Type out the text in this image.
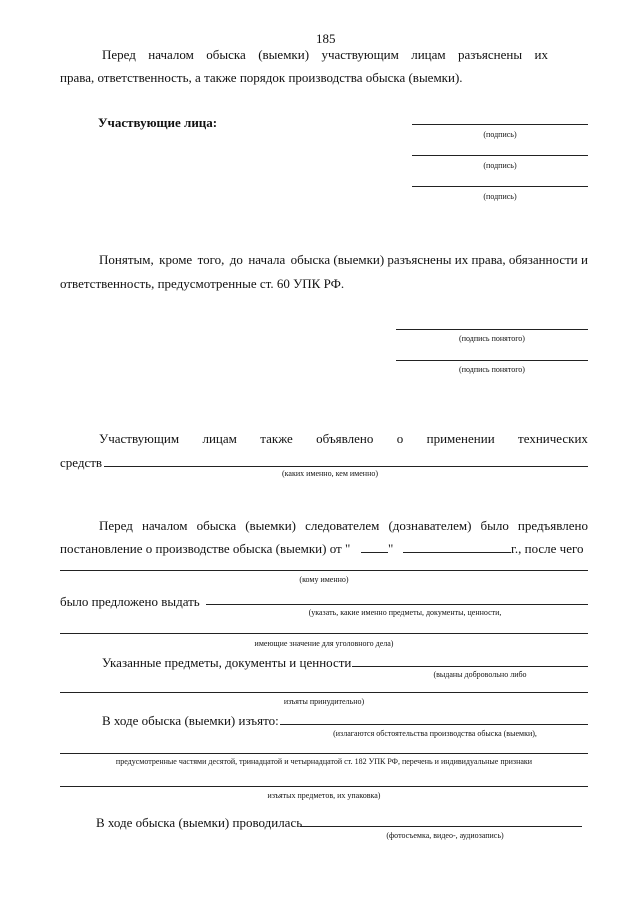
185
Перед началом обыска (выемки) участвующим лицам разъяснены их
права, ответственность, а также порядок производства обыска (выемки).
Участвующие лица:
(подпись)
(подпись)
(подпись)
Понятым, кроме того, до начала обыска (выемки) разъяснены их права, обязанности и
ответственность, предусмотренные ст. 60 УПК РФ.
(подпись понятого)
(подпись понятого)
Участвующим лицам также объявлено о применении технических
средств
(каких именно, кем именно)
Перед началом обыска (выемки) следователем (дознавателем) было предъявлено
постановление о производстве обыска (выемки) от "	"	г., после чего
(кому именно)
было предложено выдать
(указать, какие именно предметы, документы, ценности,
имеющие значение для уголовного дела)
Указанные предметы, документы и ценности
(выданы добровольно либо
изъяты принудительно)
В ходе обыска (выемки) изъято:
(излагаются обстоятельства производства обыска (выемки),
предусмотренные частями десятой, тринадцатой и четырнадцатой ст. 182 УПК РФ, перечень и индивидуальные признаки
изъятых предметов, их упаковка)
В ходе обыска (выемки) проводилась
(фотосъемка, видео-, аудиозапись)
